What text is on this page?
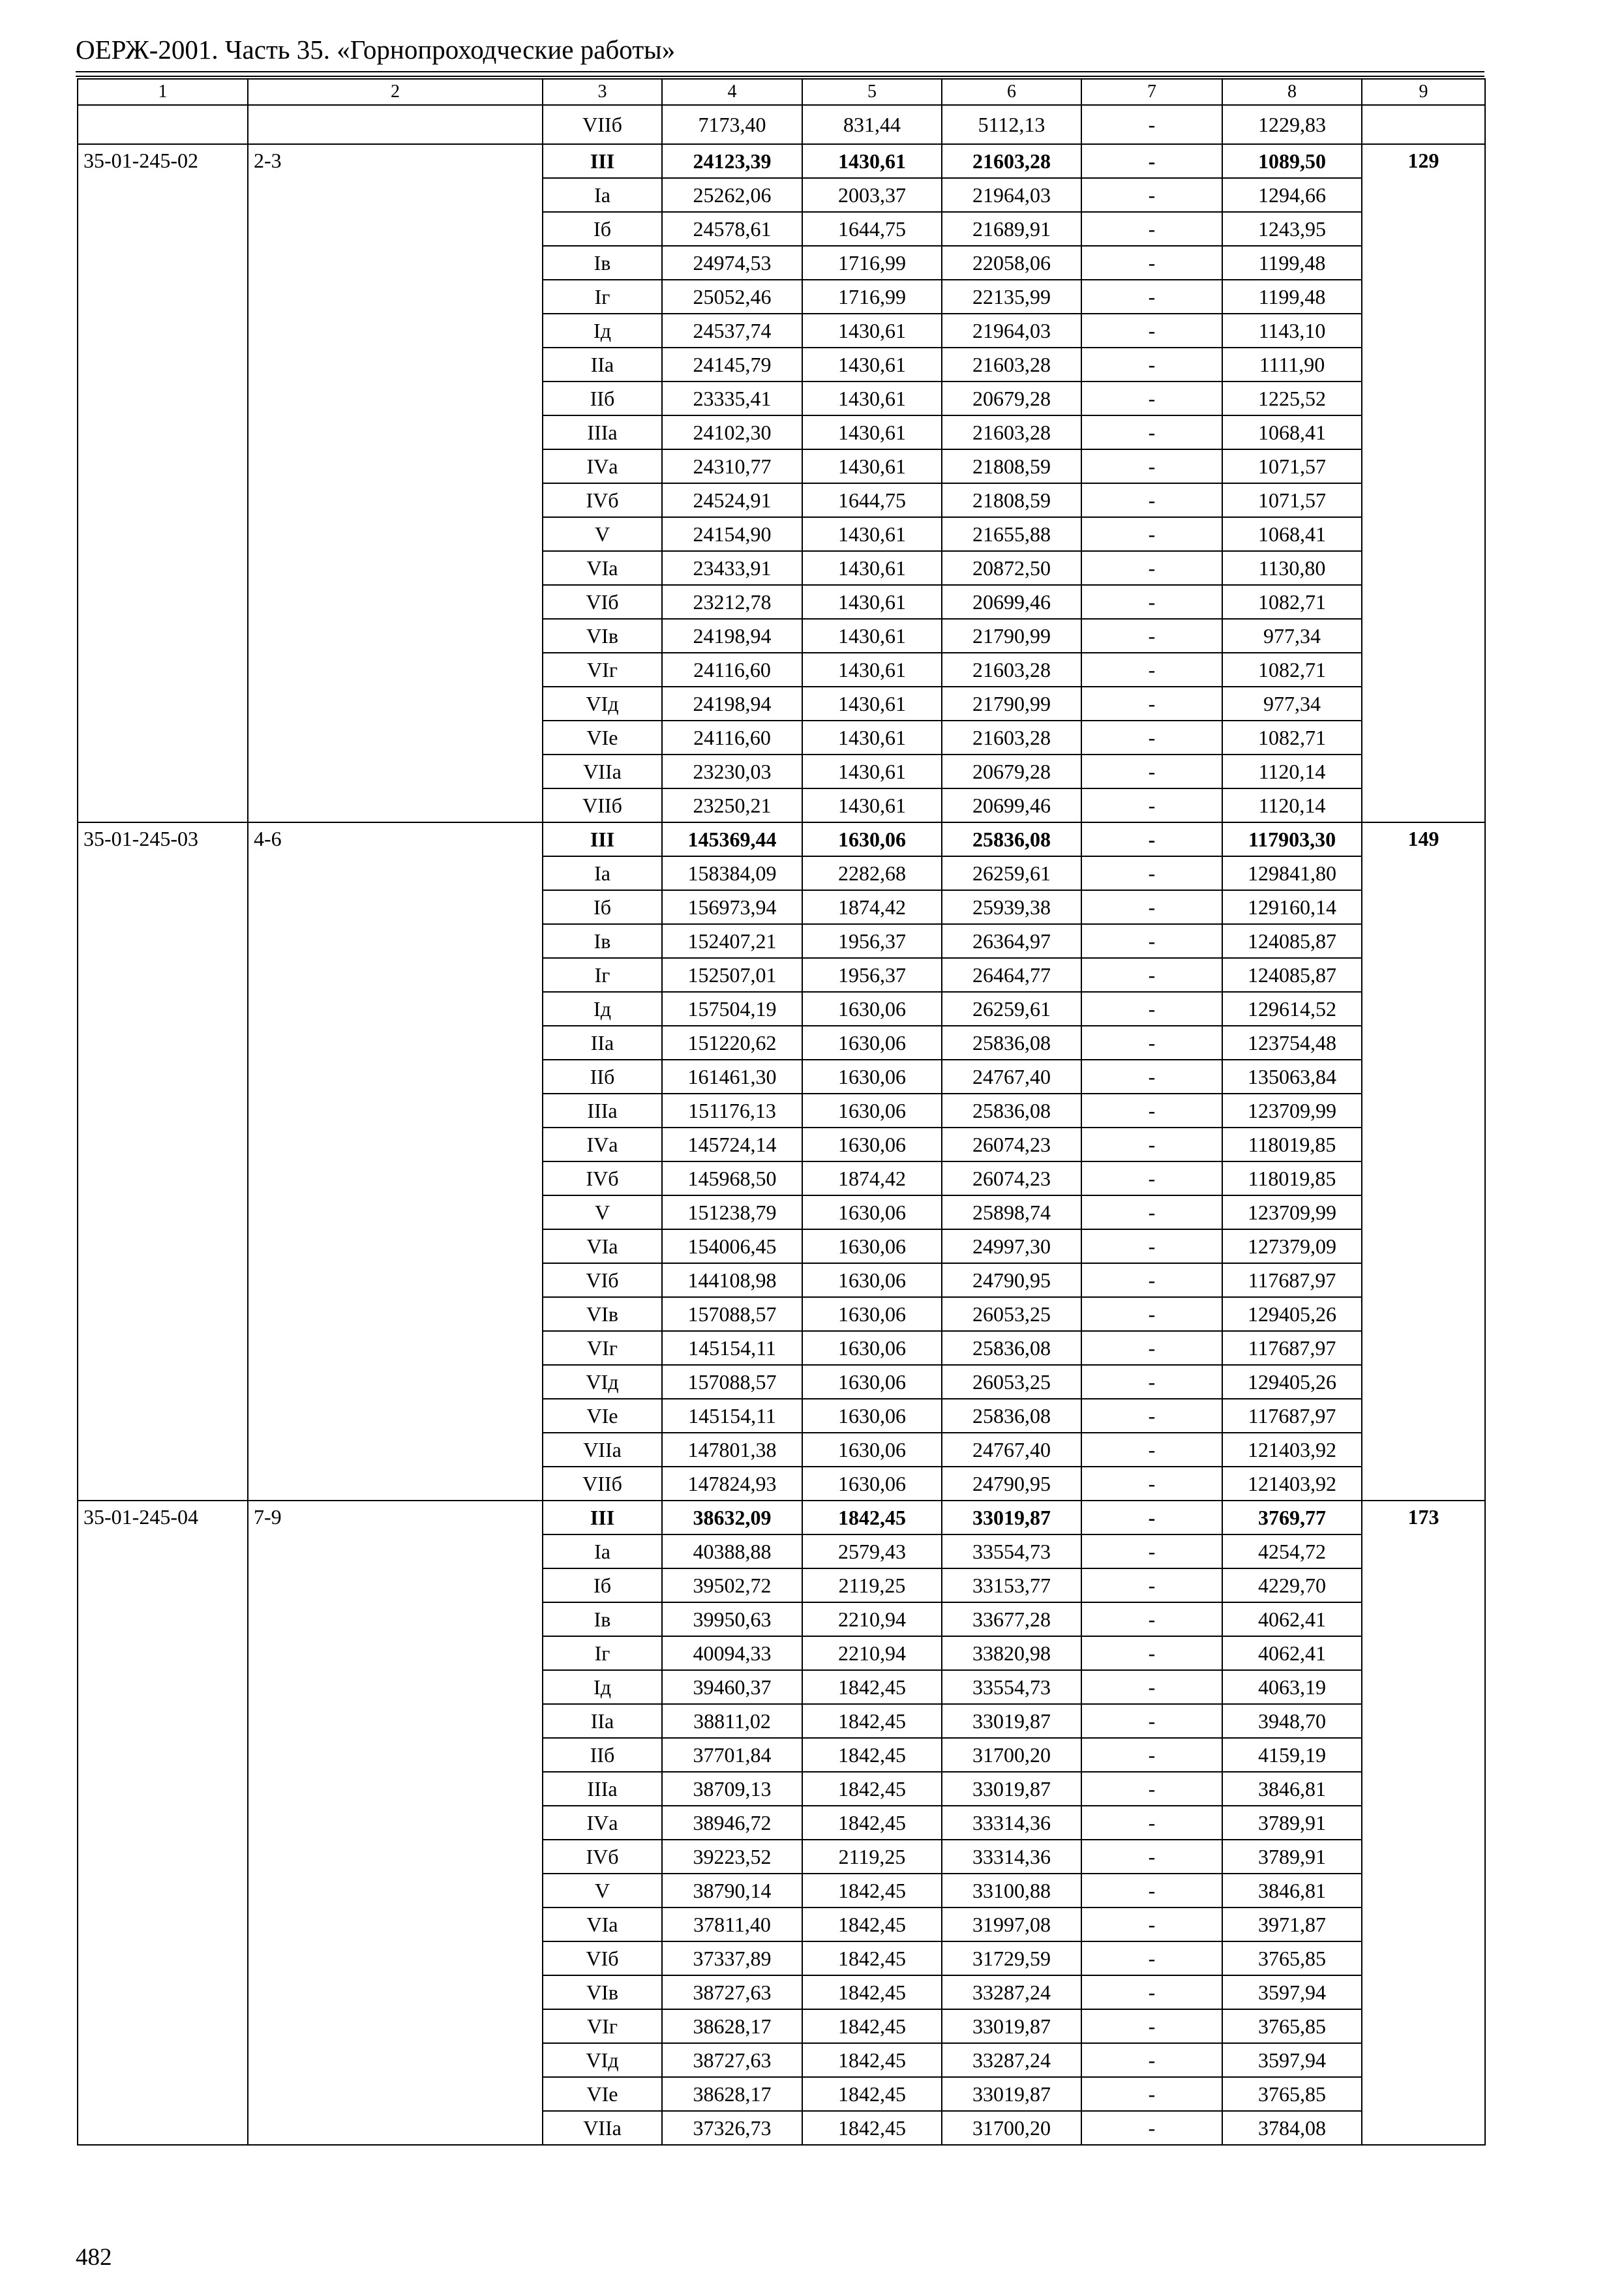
ОЕРЖ-2001. Часть 35. «Горнопроходческие работы»
1	2	3	4	5	6	7	8	9
		VIIб	7173,40	831,44	5112,13	-	1229,83	
35-01-245-02	2-3	III	24123,39	1430,61	21603,28	-	1089,50	129
		Iа	25262,06	2003,37	21964,03	-	1294,66	
		Iб	24578,61	1644,75	21689,91	-	1243,95	
		Iв	24974,53	1716,99	22058,06	-	1199,48	
		Iг	25052,46	1716,99	22135,99	-	1199,48	
		Iд	24537,74	1430,61	21964,03	-	1143,10	
		IIа	24145,79	1430,61	21603,28	-	1111,90	
		IIб	23335,41	1430,61	20679,28	-	1225,52	
		IIIа	24102,30	1430,61	21603,28	-	1068,41	
		IVа	24310,77	1430,61	21808,59	-	1071,57	
		IVб	24524,91	1644,75	21808,59	-	1071,57	
		V	24154,90	1430,61	21655,88	-	1068,41	
		VIа	23433,91	1430,61	20872,50	-	1130,80	
		VIб	23212,78	1430,61	20699,46	-	1082,71	
		VIв	24198,94	1430,61	21790,99	-	977,34	
		VIг	24116,60	1430,61	21603,28	-	1082,71	
		VIд	24198,94	1430,61	21790,99	-	977,34	
		VIе	24116,60	1430,61	21603,28	-	1082,71	
		VIIа	23230,03	1430,61	20679,28	-	1120,14	
		VIIб	23250,21	1430,61	20699,46	-	1120,14	
35-01-245-03	4-6	III	145369,44	1630,06	25836,08	-	117903,30	149
		Iа	158384,09	2282,68	26259,61	-	129841,80	
		Iб	156973,94	1874,42	25939,38	-	129160,14	
		Iв	152407,21	1956,37	26364,97	-	124085,87	
		Iг	152507,01	1956,37	26464,77	-	124085,87	
		Iд	157504,19	1630,06	26259,61	-	129614,52	
		IIа	151220,62	1630,06	25836,08	-	123754,48	
		IIб	161461,30	1630,06	24767,40	-	135063,84	
		IIIа	151176,13	1630,06	25836,08	-	123709,99	
		IVа	145724,14	1630,06	26074,23	-	118019,85	
		IVб	145968,50	1874,42	26074,23	-	118019,85	
		V	151238,79	1630,06	25898,74	-	123709,99	
		VIа	154006,45	1630,06	24997,30	-	127379,09	
		VIб	144108,98	1630,06	24790,95	-	117687,97	
		VIв	157088,57	1630,06	26053,25	-	129405,26	
		VIг	145154,11	1630,06	25836,08	-	117687,97	
		VIд	157088,57	1630,06	26053,25	-	129405,26	
		VIе	145154,11	1630,06	25836,08	-	117687,97	
		VIIа	147801,38	1630,06	24767,40	-	121403,92	
		VIIб	147824,93	1630,06	24790,95	-	121403,92	
35-01-245-04	7-9	III	38632,09	1842,45	33019,87	-	3769,77	173
		Iа	40388,88	2579,43	33554,73	-	4254,72	
		Iб	39502,72	2119,25	33153,77	-	4229,70	
		Iв	39950,63	2210,94	33677,28	-	4062,41	
		Iг	40094,33	2210,94	33820,98	-	4062,41	
		Iд	39460,37	1842,45	33554,73	-	4063,19	
		IIа	38811,02	1842,45	33019,87	-	3948,70	
		IIб	37701,84	1842,45	31700,20	-	4159,19	
		IIIа	38709,13	1842,45	33019,87	-	3846,81	
		IVа	38946,72	1842,45	33314,36	-	3789,91	
		IVб	39223,52	2119,25	33314,36	-	3789,91	
		V	38790,14	1842,45	33100,88	-	3846,81	
		VIа	37811,40	1842,45	31997,08	-	3971,87	
		VIб	37337,89	1842,45	31729,59	-	3765,85	
		VIв	38727,63	1842,45	33287,24	-	3597,94	
		VIг	38628,17	1842,45	33019,87	-	3765,85	
		VIд	38727,63	1842,45	33287,24	-	3597,94	
		VIе	38628,17	1842,45	33019,87	-	3765,85	
		VIIа	37326,73	1842,45	31700,20	-	3784,08	
482
